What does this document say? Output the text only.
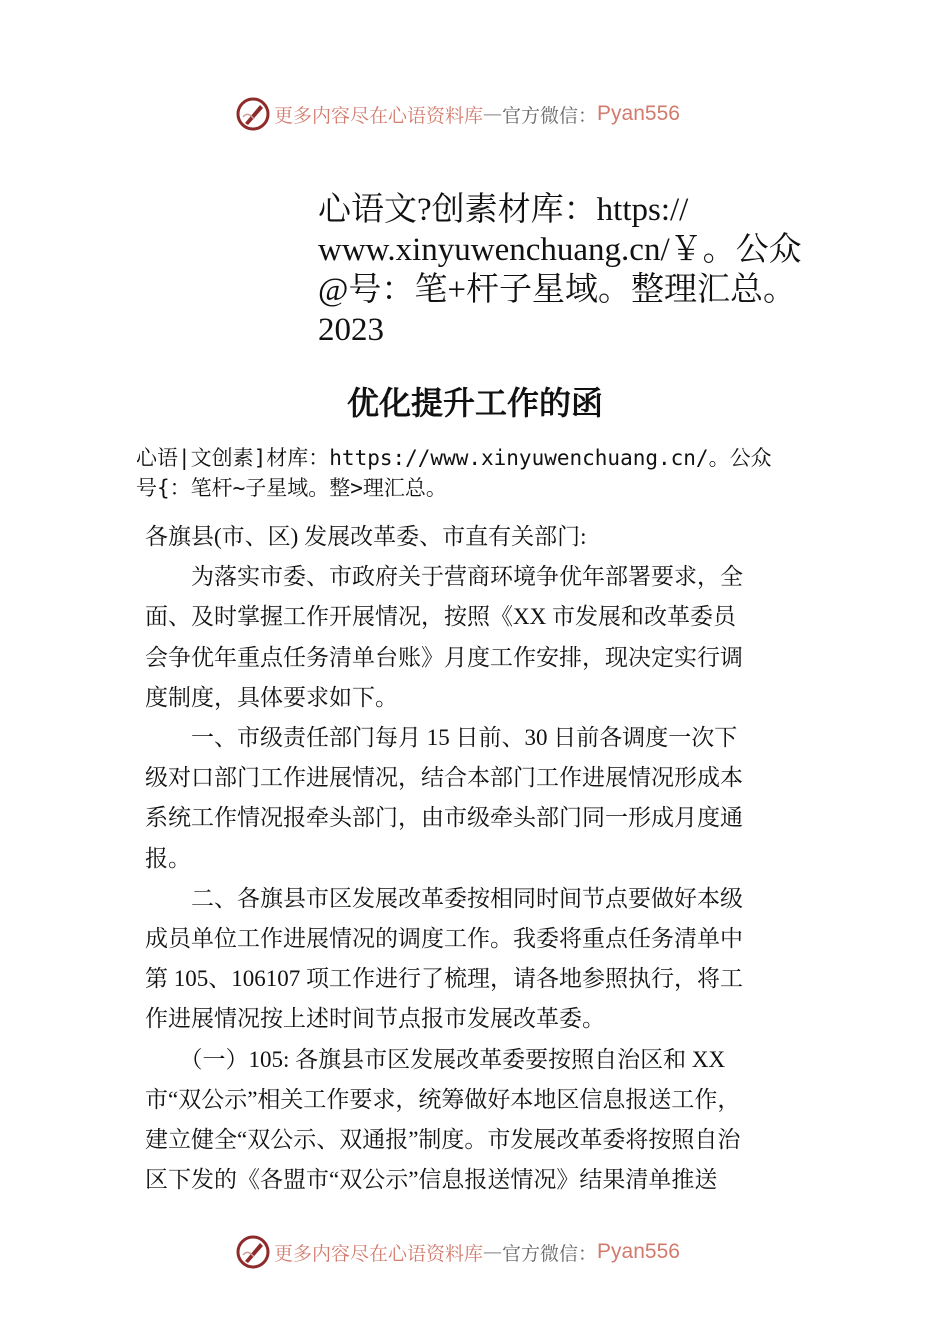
更多内容尽在心语资料库 — 官方微信： Pyan556
心语文?创素材库：https://
www.xinyuwenchuang.cn/￥。公众
@号：笔+杆子星域。整理汇总。
2023
优化提升工作的函
心语|文创素]材库：https://www.xinyuwenchuang.cn/。公众
号{：笔杆~子星域。整>理汇总。
各旗县(市、区) 发展改革委、市直有关部门:
　　为落实市委、市政府关于营商环境争优年部署要求，全
面、及时掌握工作开展情况，按照《XX 市发展和改革委员
会争优年重点任务清单台账》月度工作安排，现决定实行调
度制度，具体要求如下。
　　一、市级责任部门每月 15 日前、30 日前各调度一次下
级对口部门工作进展情况，结合本部门工作进展情况形成本
系统工作情况报牵头部门，由市级牵头部门同一形成月度通
报。
　　二、各旗县市区发展改革委按相同时间节点要做好本级
成员单位工作进展情况的调度工作。我委将重点任务清单中
第 105、106107 项工作进行了梳理，请各地参照执行，将工
作进展情况按上述时间节点报市发展改革委。
　　（一）105: 各旗县市区发展改革委要按照自治区和 XX
市“双公示”相关工作要求，统筹做好本地区信息报送工作，
建立健全“双公示、双通报”制度。市发展改革委将按照自治
区下发的《各盟市“双公示”信息报送情况》结果清单推送
更多内容尽在心语资料库 — 官方微信： Pyan556
